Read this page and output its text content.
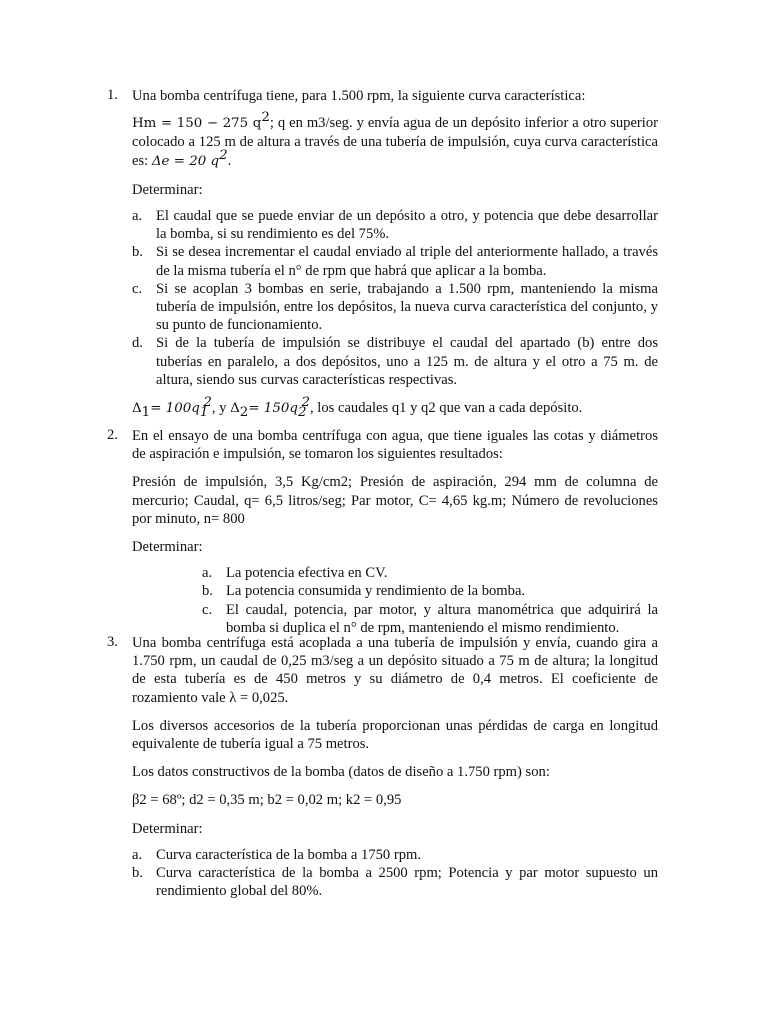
1. Una bomba centrífuga tiene, para 1.500 rpm, la siguiente curva característica:

Hm = 150 − 275 $q^2$; q en m3/seg. y envía agua de un depósito inferior a otro superior colocado a 125 m de altura a través de una tubería de impulsión, cuya curva característica es: Δe = 20 $q^2$.

Determinar:

a. El caudal que se puede enviar de un depósito a otro, y potencia que debe desarrollar la bomba, si su rendimiento es del 75%.
b. Si se desea incrementar el caudal enviado al triple del anteriormente hallado, a través de la misma tubería el n° de rpm que habrá que aplicar a la bomba.
c. Si se acoplan 3 bombas en serie, trabajando a 1.500 rpm, manteniendo la misma tubería de impulsión, entre los depósitos, la nueva curva característica del conjunto, y su punto de funcionamiento.
d. Si de la tubería de impulsión se distribuye el caudal del apartado (b) entre dos tuberías en paralelo, a dos depósitos, uno a 125 m. de altura y el otro a 75 m. de altura, siendo sus curvas características respectivas.

$\Delta_1= 100q_1^2$, y $\Delta_2= 150q_2^2$, los caudales q1 y q2 que van a cada depósito.

2. En el ensayo de una bomba centrífuga con agua, que tiene iguales las cotas y diámetros de aspiración e impulsión, se tomaron los siguientes resultados:

Presión de impulsión, 3,5 Kg/cm2; Presión de aspiración, 294 mm de columna de mercurio; Caudal, q= 6,5 litros/seg; Par motor, C= 4,65 kg.m; Número de revoluciones por minuto, n= 800

Determinar:

a. La potencia efectiva en CV.
b. La potencia consumida y rendimiento de la bomba.
c. El caudal, potencia, par motor, y altura manométrica que adquirirá la bomba si duplica el n° de rpm, manteniendo el mismo rendimiento.
3. Una bomba centrífuga está acoplada a una tubería de impulsión y envía, cuando gira a 1.750 rpm, un caudal de 0,25 m3/seg a un depósito situado a 75 m de altura; la longitud de esta tubería es de 450 metros y su diámetro de 0,4 metros. El coeficiente de rozamiento vale λ = 0,025.

Los diversos accesorios de la tubería proporcionan unas pérdidas de carga en longitud equivalente de tubería igual a 75 metros.

Los datos constructivos de la bomba (datos de diseño a 1.750 rpm) son:

β2 = 68º; d2 = 0,35 m; b2 = 0,02 m; k2 = 0,95

Determinar:

a. Curva característica de la bomba a 1750 rpm.
b. Curva característica de la bomba a 2500 rpm; Potencia y par motor supuesto un rendimiento global del 80%.
